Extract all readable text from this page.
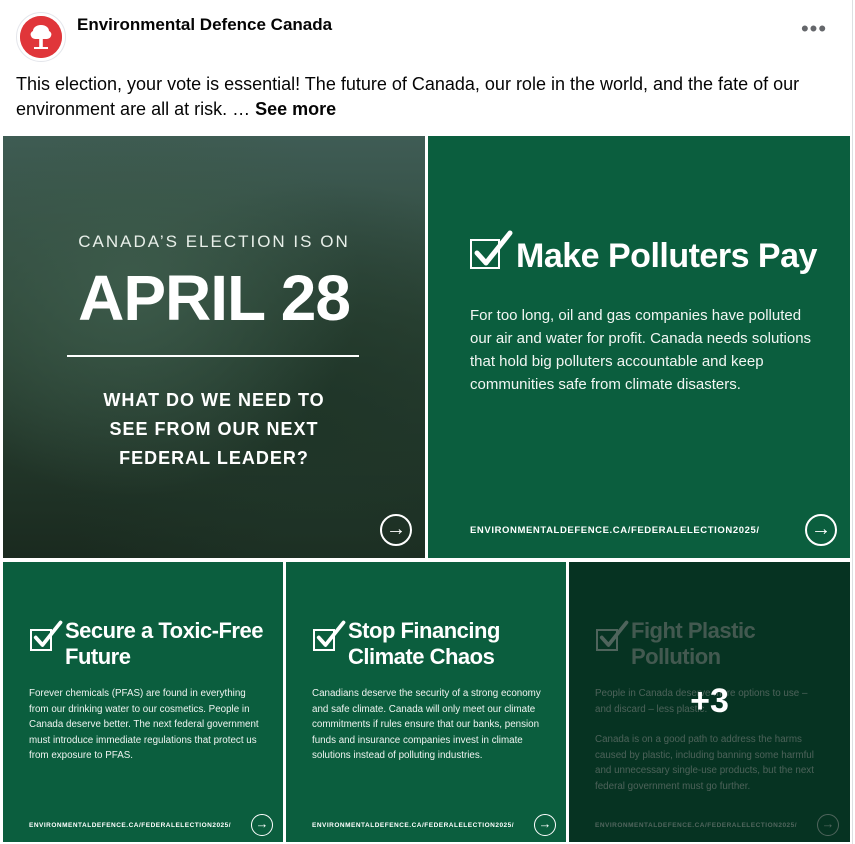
Environmental Defence Canada	•••
This election, your vote is essential! The future of Canada, our role in the world, and the fate of our environment are all at risk. … See more
CANADA’S ELECTION IS ON
APRIL 28
WHAT DO WE NEED TO
SEE FROM OUR NEXT
FEDERAL LEADER?
→
Make Polluters Pay
For too long, oil and gas companies have polluted our air and water for profit. Canada needs solutions that hold big polluters accountable and keep communities safe from climate disasters.
ENVIRONMENTALDEFENCE.CA/FEDERALELECTION2025/	→
Secure a Toxic-Free
Future
Forever chemicals (PFAS) are found in everything from our drinking water to our cosmetics. People in Canada deserve better. The next federal government must introduce immediate regulations that protect us from exposure to PFAS.
ENVIRONMENTALDEFENCE.CA/FEDERALELECTION2025/	→
Stop Financing
Climate Chaos
Canadians deserve the security of a strong economy and safe climate. Canada will only meet our climate commitments if rules ensure that our banks, pension funds and insurance companies invest in climate solutions instead of polluting industries.
ENVIRONMENTALDEFENCE.CA/FEDERALELECTION2025/	→
Fight Plastic
Pollution
People in Canada deserve more options to use – and discard – less plastic.
Canada is on a good path to address the harms caused by plastic, including banning some harmful and unnecessary single-use products, but the next federal government must go further.
ENVIRONMENTALDEFENCE.CA/FEDERALELECTION2025/	→
+3
